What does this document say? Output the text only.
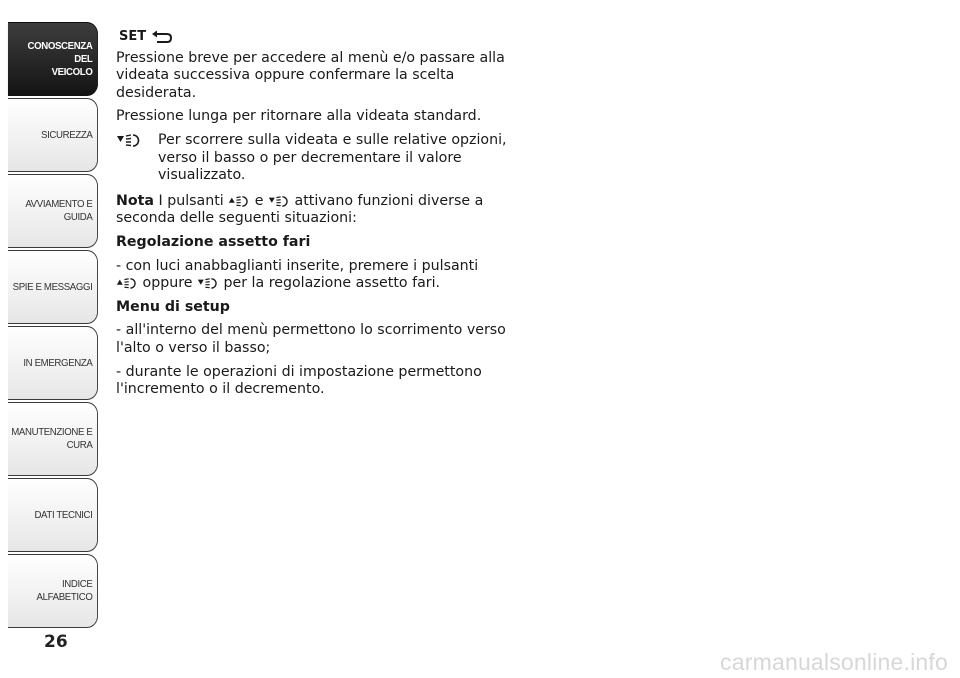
CONOSCENZA DEL
VEICOLO
SICUREZZA
AVVIAMENTO E
GUIDA
SPIE E MESSAGGI
IN EMERGENZA
MANUTENZIONE E
CURA
DATI TECNICI
INDICE ALFABETICO
26
carmanualsonline.info
SET

Pressione breve per accedere al menù e/o passare alla videata successiva oppure confermare la scelta desiderata.

Pressione lunga per ritornare alla videata standard.

Per scorrere sulla videata e sulle relative opzioni, verso il basso o per decrementare il valore visualizzato.

Nota I pulsanti e attivano funzioni diverse a seconda delle seguenti situazioni:

Regolazione assetto fari

- con luci anabbaglianti inserite, premere i pulsanti
oppure per la regolazione assetto fari.

Menu di setup

- all'interno del menù permettono lo scorrimento verso l'alto o verso il basso;

- durante le operazioni di impostazione permettono l'incremento o il decremento.
